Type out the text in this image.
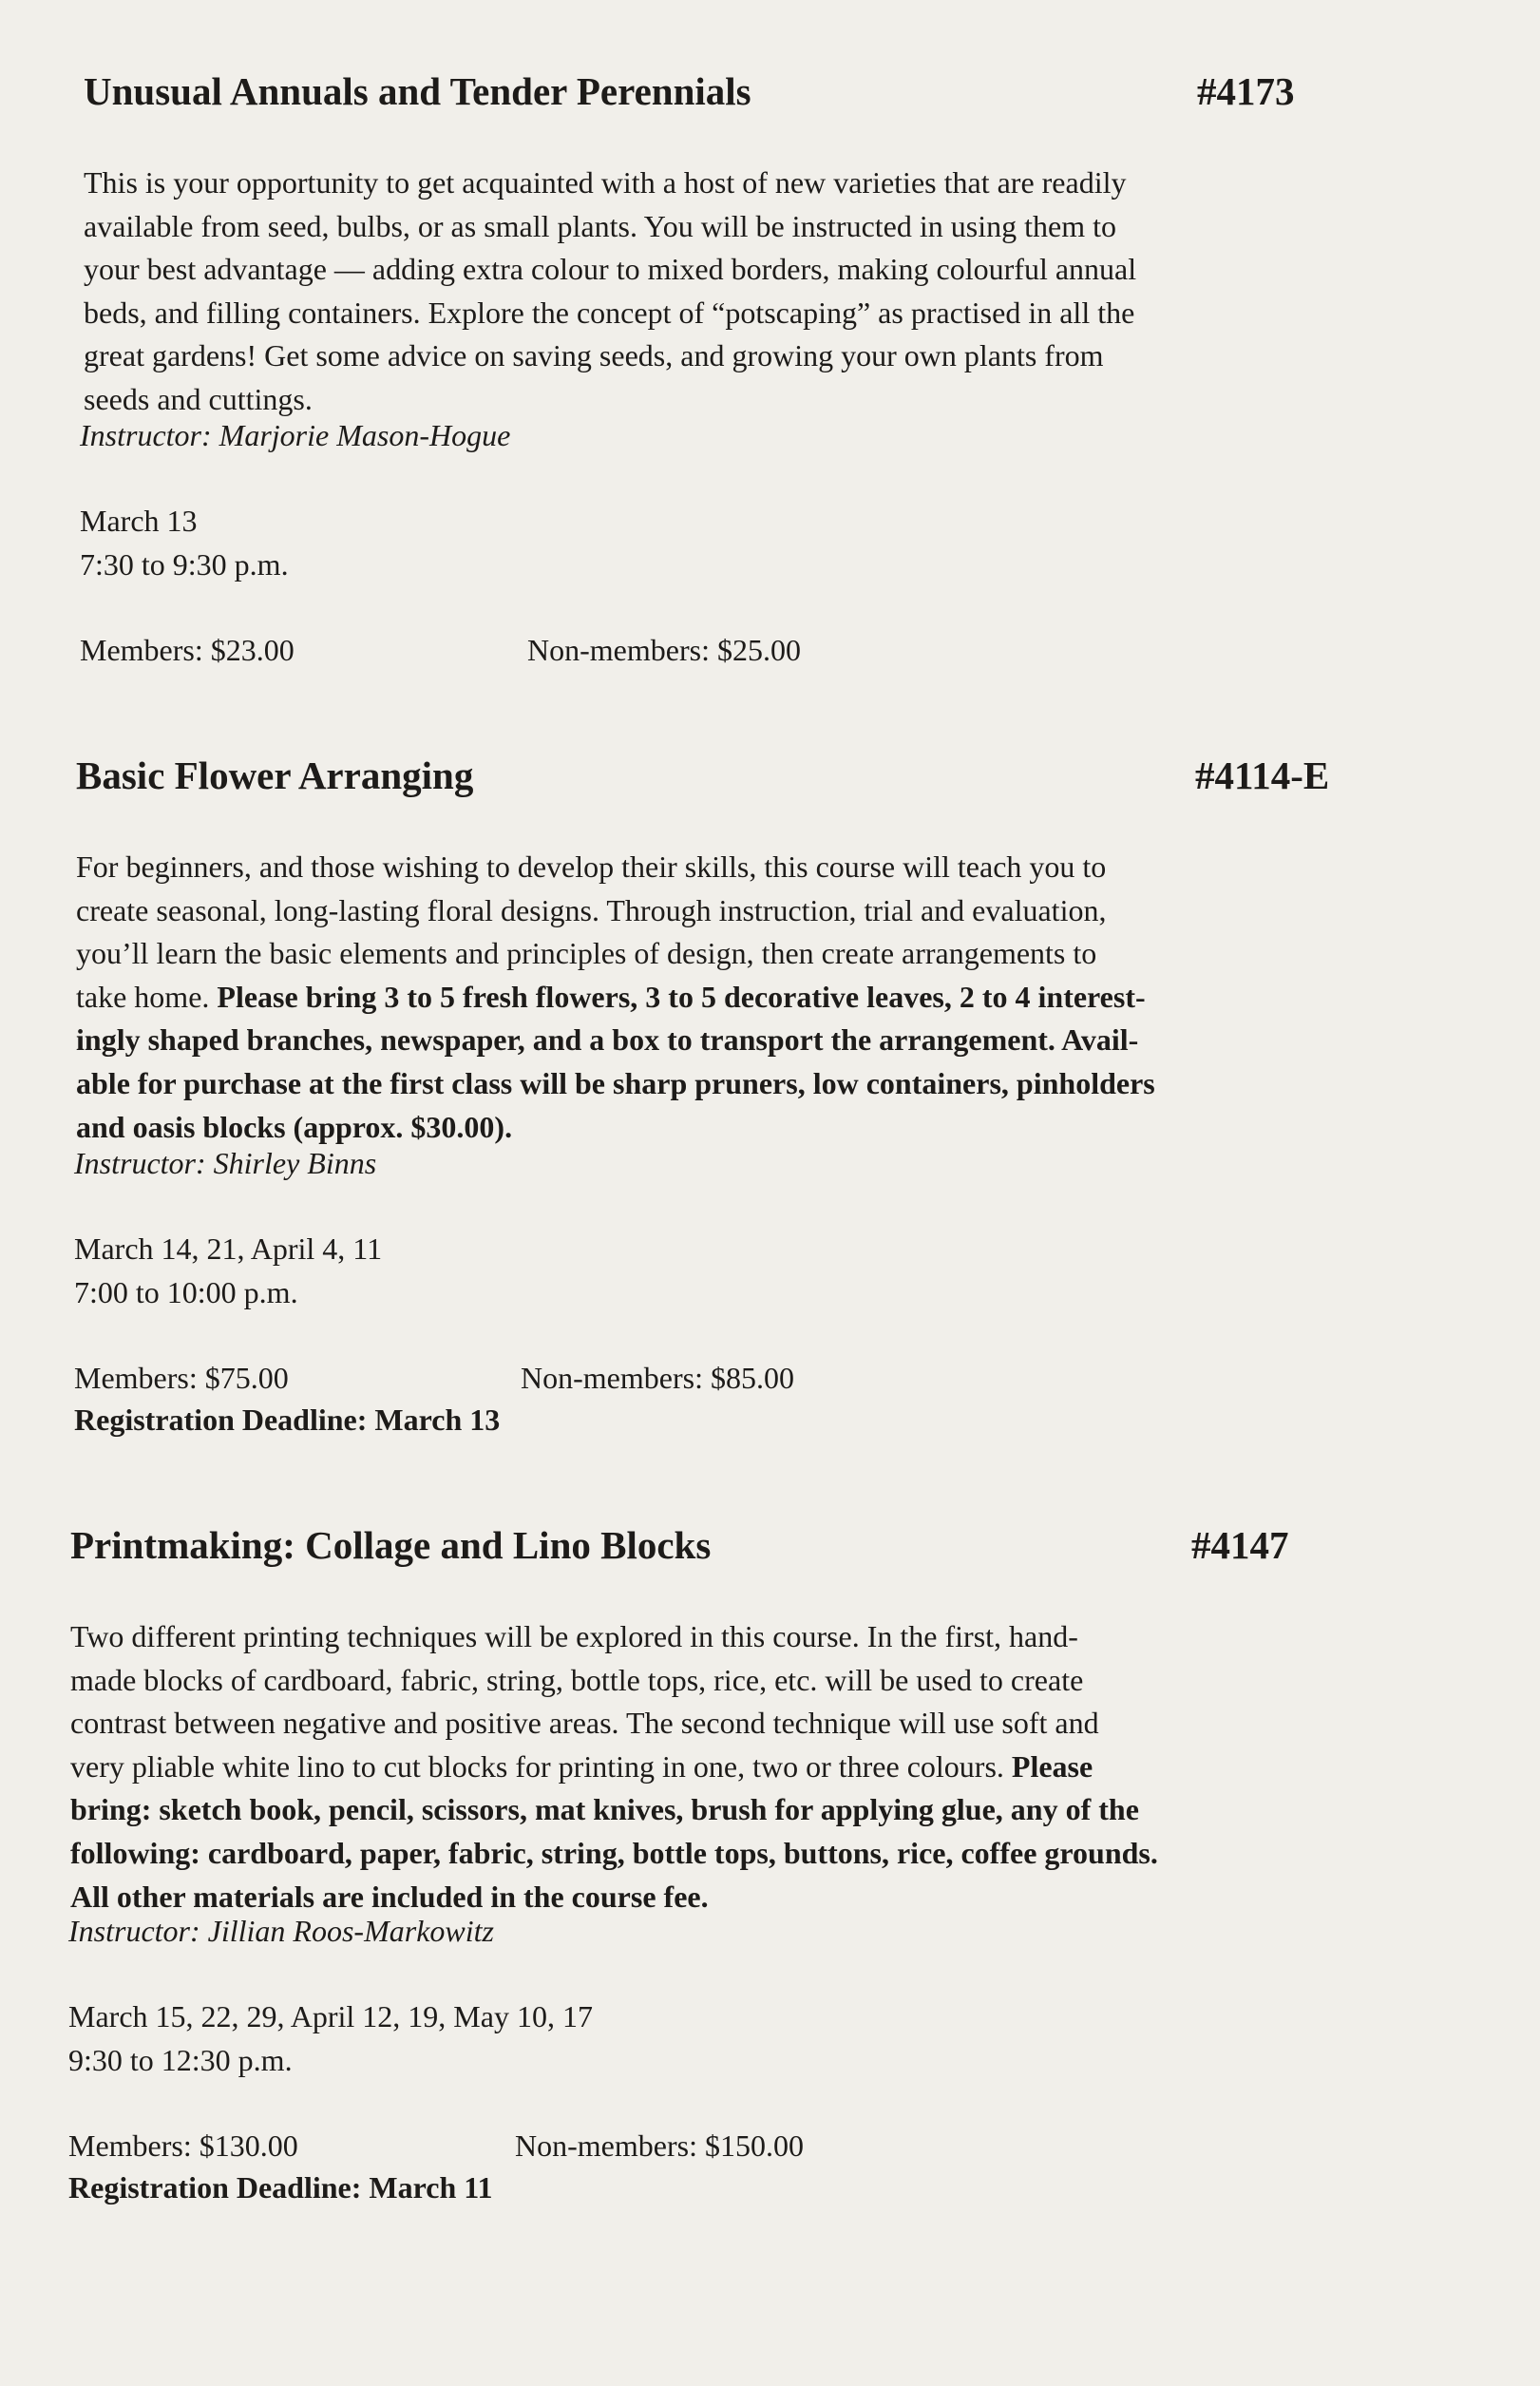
Unusual Annuals and Tender Perennials	#4173
This is your opportunity to get acquainted with a host of new varieties that are readily
available from seed, bulbs, or as small plants. You will be instructed in using them to
your best advantage — adding extra colour to mixed borders, making colourful annual
beds, and filling containers. Explore the concept of “potscaping” as practised in all the
great gardens! Get some advice on saving seeds, and growing your own plants from
seeds and cuttings.
Instructor: Marjorie Mason-Hogue
March 13
7:30 to 9:30 p.m.
Members: $23.00	Non-members: $25.00
Basic Flower Arranging	#4114-E
For beginners, and those wishing to develop their skills, this course will teach you to
create seasonal, long-lasting floral designs. Through instruction, trial and evaluation,
you’ll learn the basic elements and principles of design, then create arrangements to
take home. Please bring 3 to 5 fresh flowers, 3 to 5 decorative leaves, 2 to 4 interest-
ingly shaped branches, newspaper, and a box to transport the arrangement. Avail-
able for purchase at the first class will be sharp pruners, low containers, pinholders
and oasis blocks (approx. $30.00).
Instructor: Shirley Binns
March 14, 21, April 4, 11
7:00 to 10:00 p.m.
Members: $75.00	Non-members: $85.00
Registration Deadline: March 13
Printmaking: Collage and Lino Blocks	#4147
Two different printing techniques will be explored in this course. In the first, hand-
made blocks of cardboard, fabric, string, bottle tops, rice, etc. will be used to create
contrast between negative and positive areas. The second technique will use soft and
very pliable white lino to cut blocks for printing in one, two or three colours. Please
bring: sketch book, pencil, scissors, mat knives, brush for applying glue, any of the
following: cardboard, paper, fabric, string, bottle tops, buttons, rice, coffee grounds.
All other materials are included in the course fee.
Instructor: Jillian Roos-Markowitz
March 15, 22, 29, April 12, 19, May 10, 17
9:30 to 12:30 p.m.
Members: $130.00	Non-members: $150.00
Registration Deadline: March 11
